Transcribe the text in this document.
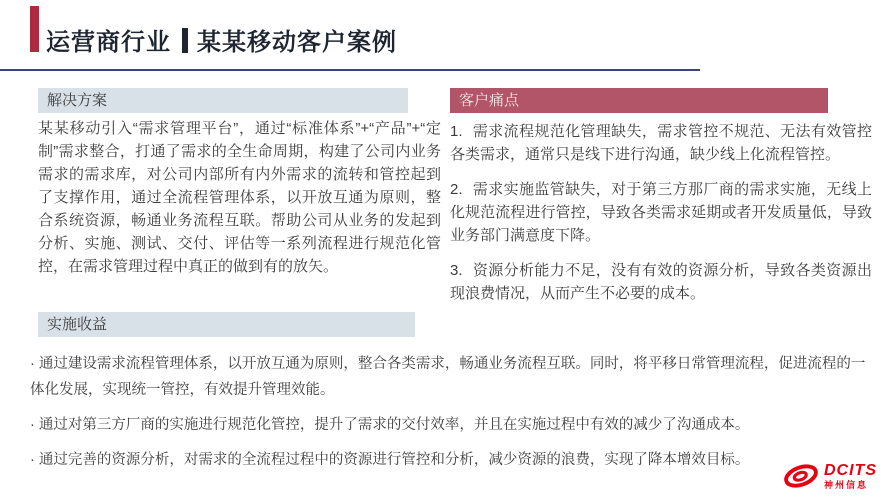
运营商行业 某某移动客户案例
解决方案
某某移动引入“需求管理平台”，通过“标准体系”+“产品”+“定制”需求整合，打通了需求的全生命周期，构建了公司内业务需求的需求库，对公司内部所有内外需求的流转和管控起到了支撑作用，通过全流程管理体系，以开放互通为原则，整合系统资源，畅通业务流程互联。帮助公司从业务的发起到分析、实施、测试、交付、评估等一系列流程进行规范化管控，在需求管理过程中真正的做到有的放矢。
客户痛点

1. 需求流程规范化管理缺失，需求管控不规范、无法有效管控各类需求，通常只是线下进行沟通，缺少线上化流程管控。

2. 需求实施监管缺失，对于第三方那厂商的需求实施，无线上化规范流程进行管控，导致各类需求延期或者开发质量低，导致业务部门满意度下降。

3. 资源分析能力不足，没有有效的资源分析，导致各类资源出现浪费情况，从而产生不必要的成本。

实施收益

· 通过建设需求流程管理体系，以开放互通为原则，整合各类需求，畅通业务流程互联。同时，将平移日常管理流程，促进流程的一体化发展，实现统一管控，有效提升管理效能。

· 通过对第三方厂商的实施进行规范化管控，提升了需求的交付效率，并且在实施过程中有效的减少了沟通成本。

· 通过完善的资源分析，对需求的全流程过程中的资源进行管控和分析，减少资源的浪费，实现了降本增效目标。

DCITS
神州信息
